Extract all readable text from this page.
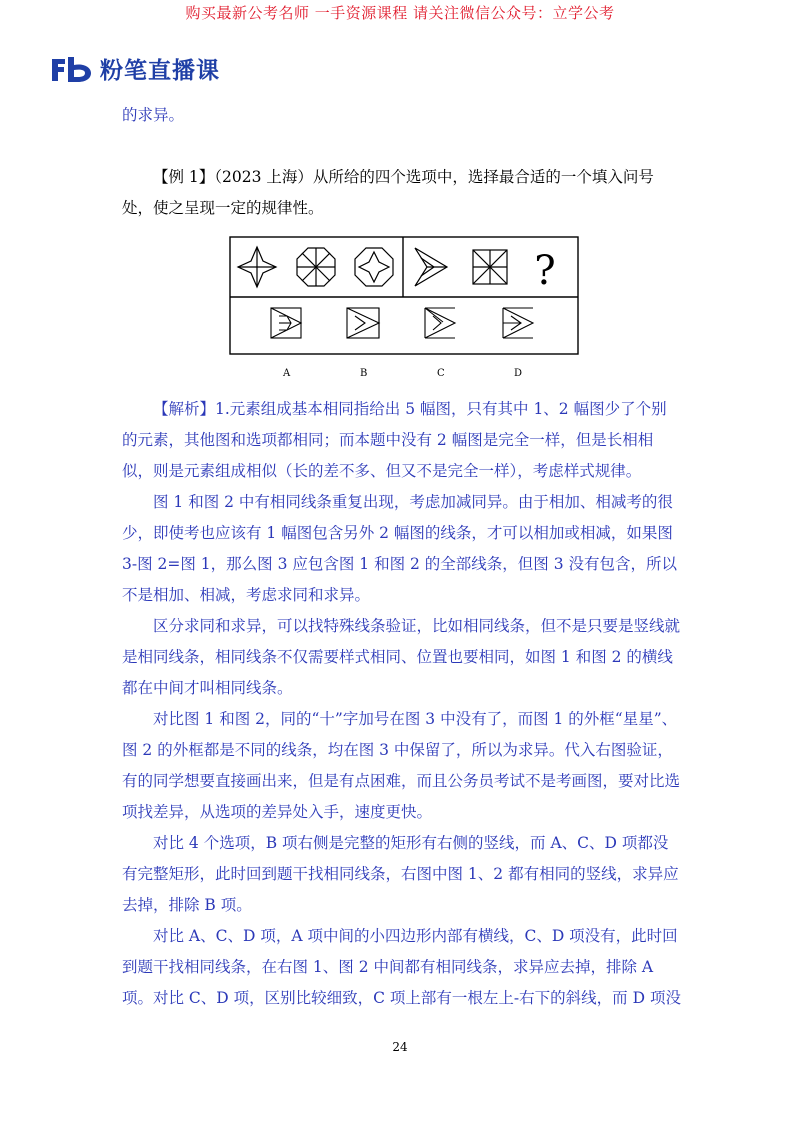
购买最新公考名师 一手资源课程 请关注微信公众号：立学公考
粉笔直播课

的求异。

【例 1】（2023 上海）从所给的四个选项中，选择最合适的一个填入问号处，使之呈现一定的规律性。

?
A	B	C	D

【解析】1.元素组成基本相同指给出 5 幅图，只有其中 1、2 幅图少了个别的元素，其他图和选项都相同；而本题中没有 2 幅图是完全一样，但是长相相似，则是元素组成相似（长的差不多、但又不是完全一样），考虑样式规律。

图 1 和图 2 中有相同线条重复出现，考虑加减同异。由于相加、相减考的很少，即使考也应该有 1 幅图包含另外 2 幅图的线条，才可以相加或相减，如果图 3-图 2=图 1，那么图 3 应包含图 1 和图 2 的全部线条，但图 3 没有包含，所以不是相加、相减，考虑求同和求异。

区分求同和求异，可以找特殊线条验证，比如相同线条，但不是只要是竖线就是相同线条，相同线条不仅需要样式相同、位置也要相同，如图 1 和图 2 的横线都在中间才叫相同线条。

对比图 1 和图 2，同的“十”字加号在图 3 中没有了，而图 1 的外框“星星”、图 2 的外框都是不同的线条，均在图 3 中保留了，所以为求异。代入右图验证，有的同学想要直接画出来，但是有点困难，而且公务员考试不是考画图，要对比选项找差异，从选项的差异处入手，速度更快。

对比 4 个选项，B 项右侧是完整的矩形有右侧的竖线，而 A、C、D 项都没有完整矩形，此时回到题干找相同线条，右图中图 1、2 都有相同的竖线，求异应去掉，排除 B 项。

对比 A、C、D 项，A 项中间的小四边形内部有横线，C、D 项没有，此时回到题干找相同线条，在右图 1、图 2 中间都有相同线条，求异应去掉，排除 A 项。 对比 C、D 项，区别比较细致，C 项上部有一根左上-右下的斜线，而 D 项没

24
